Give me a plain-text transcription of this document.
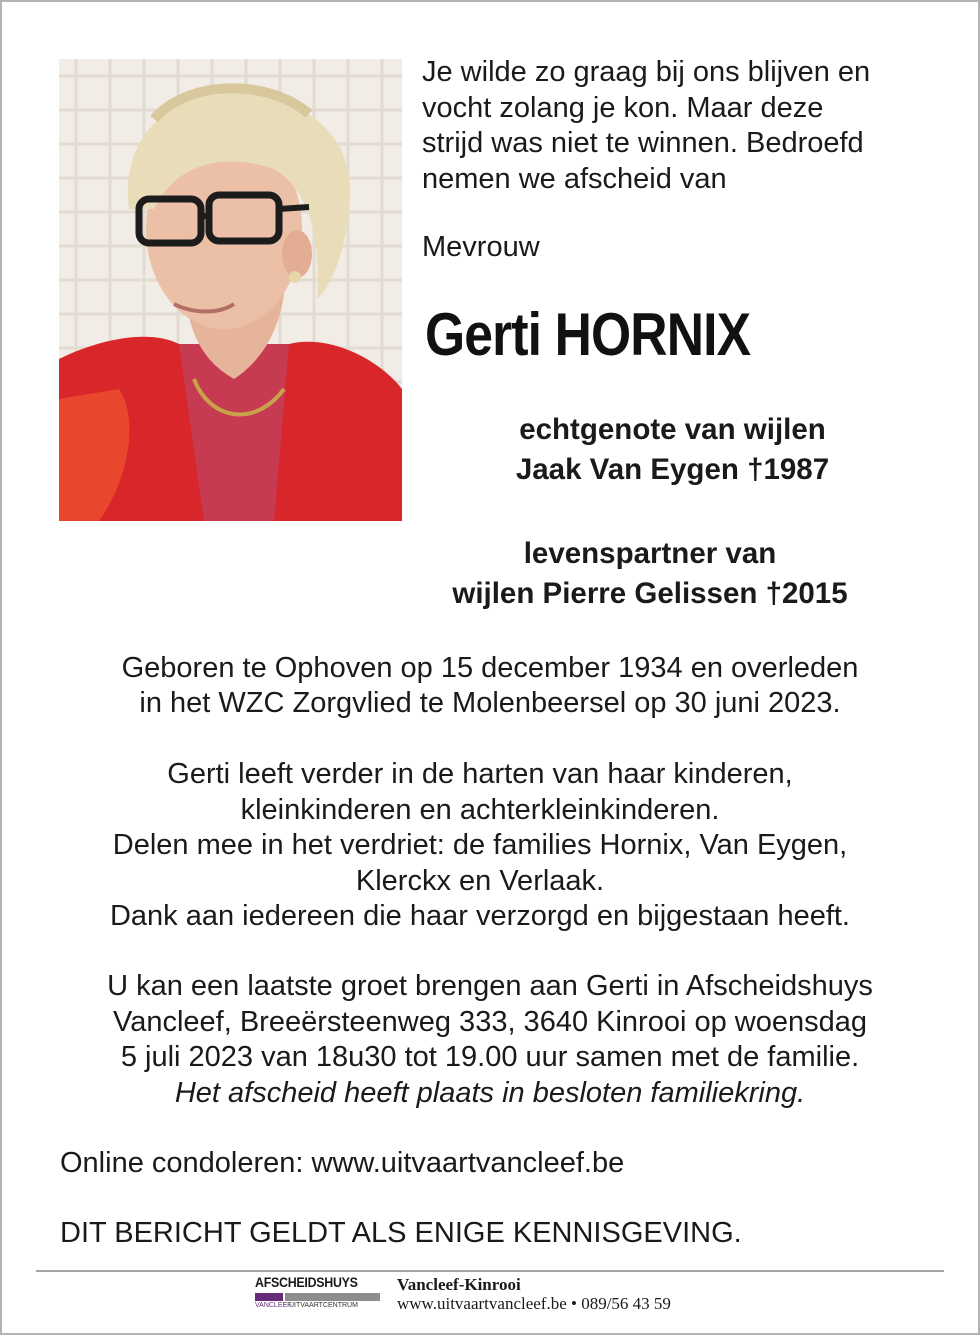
Je wilde zo graag bij ons blijven en
vocht zolang je kon. Maar deze
strijd was niet te winnen. Bedroefd
nemen we afscheid van
Mevrouw
Gerti HORNIX
echtgenote van wijlen
Jaak Van Eygen †1987
levenspartner van
wijlen Pierre Gelissen †2015
Geboren te Ophoven op 15 december 1934 en overleden
in het WZC Zorgvlied te Molenbeersel op 30 juni 2023.
Gerti leeft verder in de harten van haar kinderen,
kleinkinderen en achterkleinkinderen.
Delen mee in het verdriet: de families Hornix, Van Eygen,
Klerckx en Verlaak.
Dank aan iedereen die haar verzorgd en bijgestaan heeft.
U kan een laatste groet brengen aan Gerti in Afscheidshuys
Vancleef, Breeërsteenweg 333, 3640 Kinrooi op woensdag
5 juli 2023 van 18u30 tot 19.00 uur samen met de familie.
Het afscheid heeft plaats in besloten familiekring.
Online condoleren: www.uitvaartvancleef.be
DIT BERICHT GELDT ALS ENIGE KENNISGEVING.
AFSCHEIDSHUYS
VANCLEEF UITVAARTCENTRUM
Vancleef-Kinrooi
www.uitvaartvancleef.be • 089/56 43 59
